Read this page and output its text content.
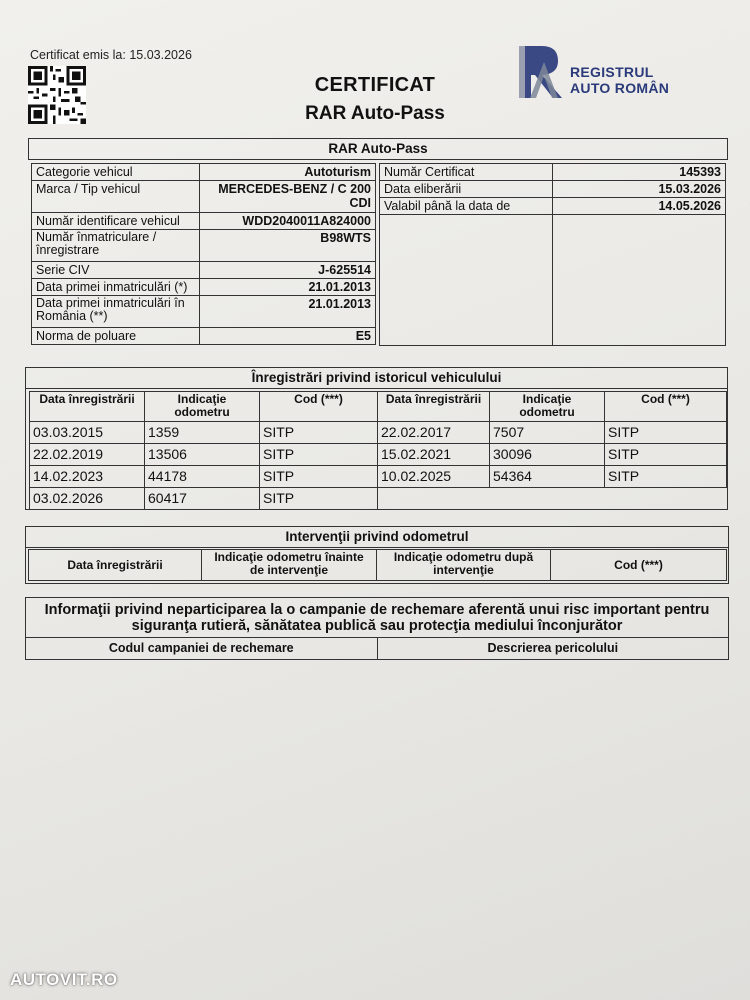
Certificat emis la: 15.03.2026
CERTIFICAT
RAR Auto-Pass
REGISTRUL
AUTO ROMÂN
RAR Auto-Pass
Categorie vehicul	Autoturism
Marca / Tip vehicul	MERCEDES-BENZ / C 200 CDI
Număr identificare vehicul	WDD2040011A824000
Număr înmatriculare / înregistrare	B98WTS
Serie CIV	J-625514
Data primei inmatriculări (*)	21.01.2013
Data primei inmatriculări în România (**)	21.01.2013
Norma de poluare	E5
Număr Certificat	145393
Data eliberării	15.03.2026
Valabil până la data de	14.05.2026

Înregistrări privind istoricul vehiculului
Data înregistrării	Indicaţie odometru	Cod (***)	Data înregistrării	Indicaţie odometru	Cod (***)
03.03.2015	1359	SITP	22.02.2017	7507	SITP
22.02.2019	13506	SITP	15.02.2021	30096	SITP
14.02.2023	44178	SITP	10.02.2025	54364	SITP
03.02.2026	60417	SITP			
Intervenţii privind odometrul
Data înregistrării	Indicaţie odometru înainte de intervenţie	Indicaţie odometru după intervenţie	Cod (***)
Informaţii privind neparticiparea la o campanie de rechemare aferentă unui risc important pentru siguranţa rutieră, sănătatea publică sau protecţia mediului înconjurător
Codul campaniei de rechemare	Descrierea pericolului
AUTOVIT.RO
